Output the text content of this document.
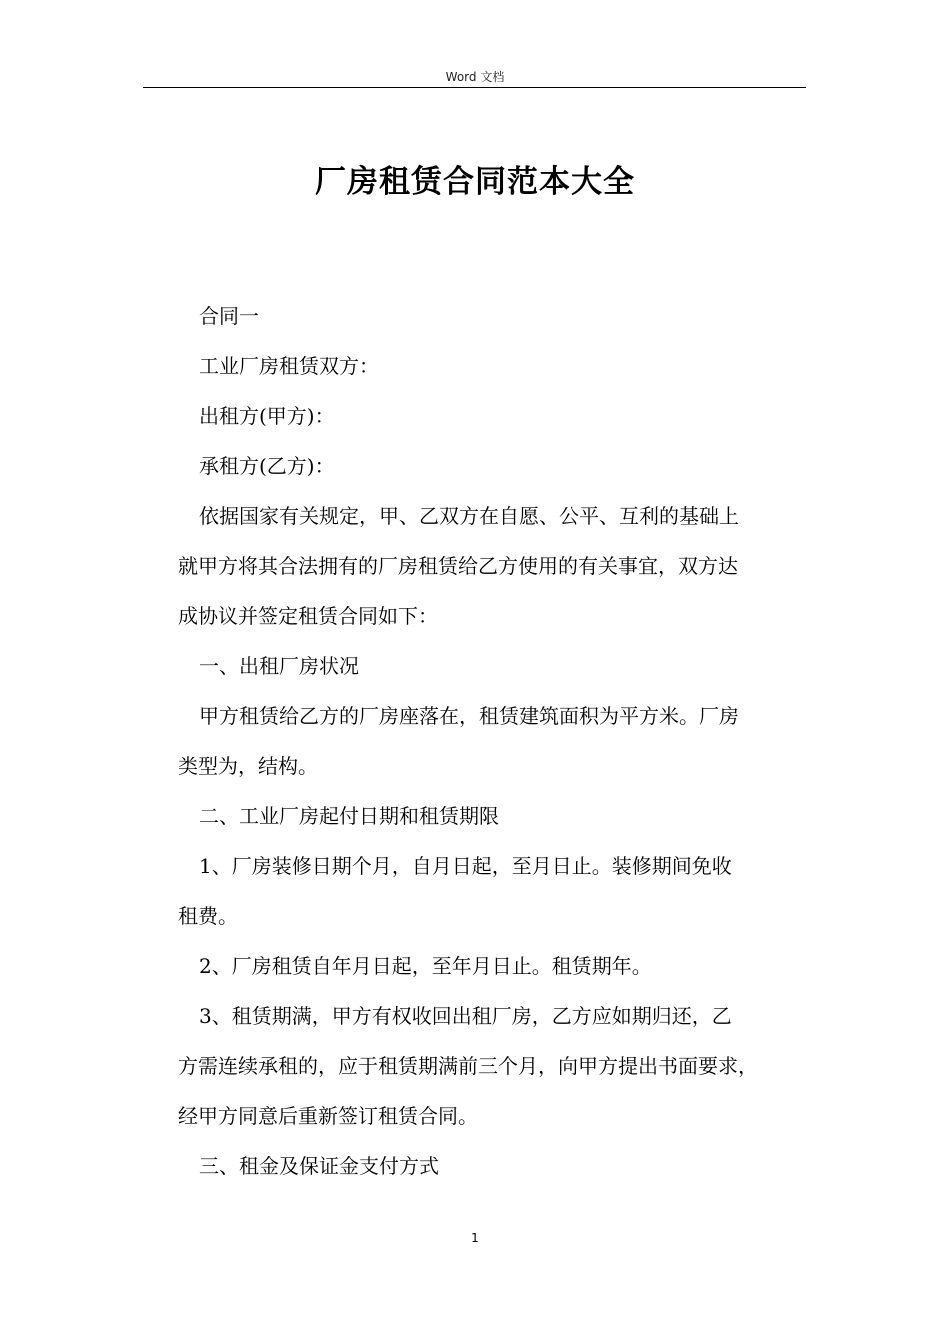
Word 文档
厂房租赁合同范本大全

合同一

工业厂房租赁双方：

出租方(甲方)：

承租方(乙方)：

依据国家有关规定，甲、乙双方在自愿、公平、互利的基础上

就甲方将其合法拥有的厂房租赁给乙方使用的有关事宜，双方达

成协议并签定租赁合同如下：

一、出租厂房状况

甲方租赁给乙方的厂房座落在，租赁建筑面积为平方米。厂房

类型为，结构。

二、工业厂房起付日期和租赁期限

1、厂房装修日期个月，自月日起，至月日止。装修期间免收

租费。

2、厂房租赁自年月日起，至年月日止。租赁期年。

3、租赁期满，甲方有权收回出租厂房，乙方应如期归还，乙

方需连续承租的，应于租赁期满前三个月，向甲方提出书面要求，

经甲方同意后重新签订租赁合同。

三、租金及保证金支付方式

1
